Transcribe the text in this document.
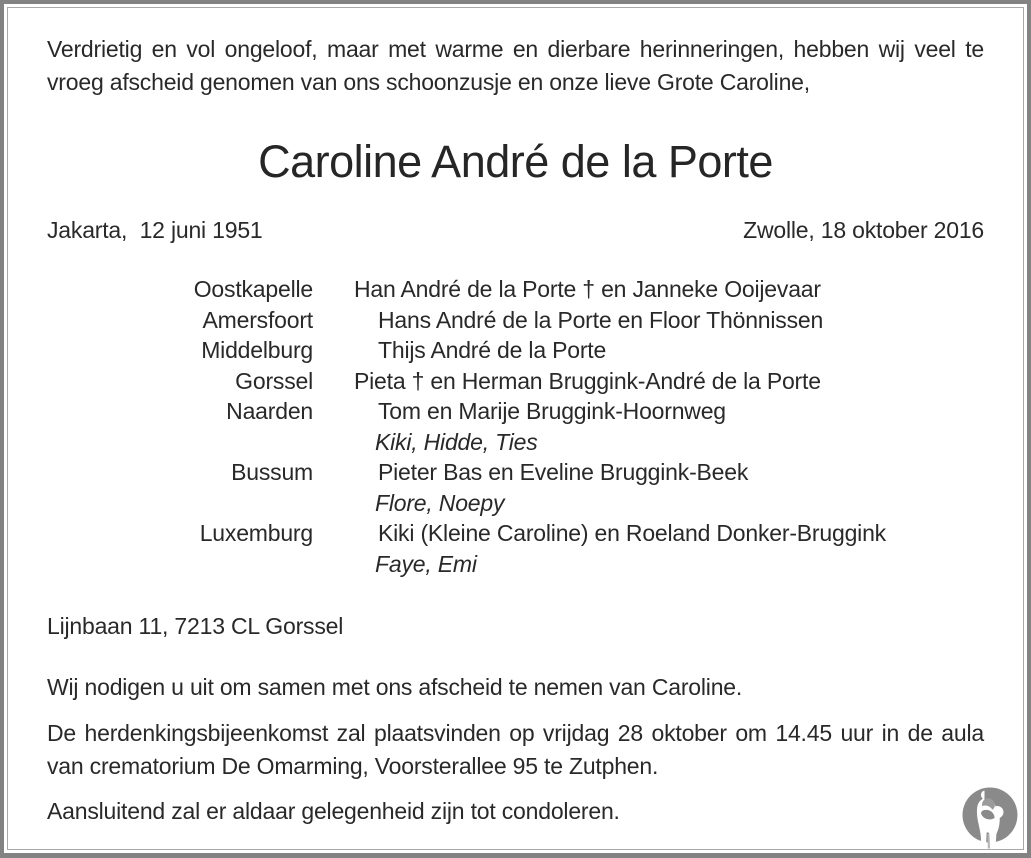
Verdrietig en vol ongeloof, maar met warme en dierbare herinneringen, hebben wij veel te vroeg afscheid genomen van ons schoonzusje en onze lieve Grote Caroline,

Caroline André de la Porte
Jakarta,  12 juni 1951	Zwolle, 18 oktober 2016
Oostkapelle	Han André de la Porte † en Janneke Ooijevaar
Amersfoort	Hans André de la Porte en Floor Thönnissen
Middelburg	Thijs André de la Porte
Gorssel	Pieta † en Herman Bruggink-André de la Porte
Naarden	Tom en Marije Bruggink-Hoornweg
Kiki, Hidde, Ties
Bussum	Pieter Bas en Eveline Bruggink-Beek
Flore, Noepy
Luxemburg	Kiki (Kleine Caroline) en Roeland Donker-Bruggink
Faye, Emi

Lijnbaan 11, 7213 CL Gorssel

Wij nodigen u uit om samen met ons afscheid te nemen van Caroline.

De herdenkingsbijeenkomst zal plaatsvinden op vrijdag 28 oktober om 14.45 uur in de aula van crematorium De Omarming, Voorsterallee 95 te Zutphen.

Aansluitend zal er aldaar gelegenheid zijn tot condoleren.
